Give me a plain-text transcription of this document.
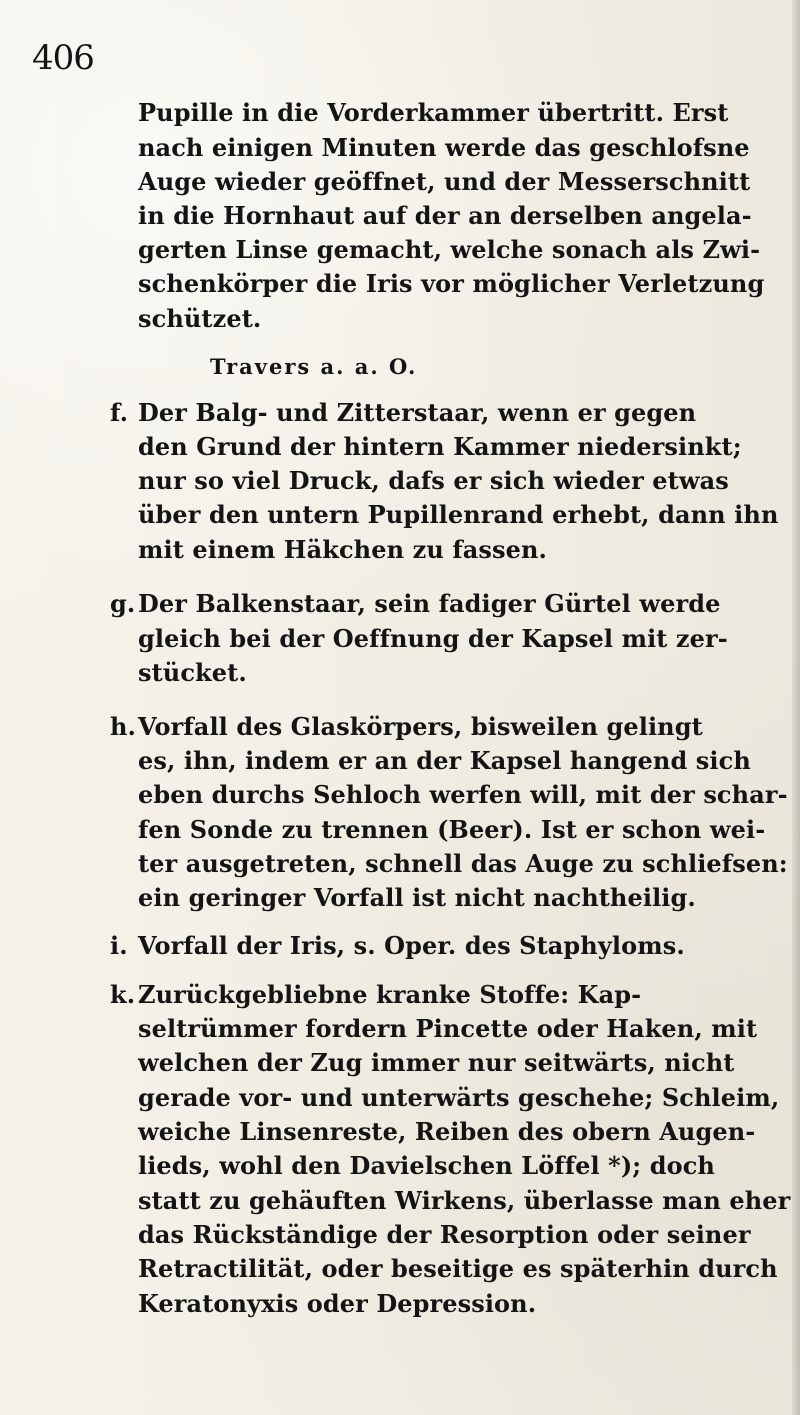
406
Pupille in die Vorderkammer übertritt. Erst
nach einigen Minuten werde das geschlofsne
Auge wieder geöffnet, und der Messerschnitt
in die Hornhaut auf der an derselben angela-
gerten Linse gemacht, welche sonach als Zwi-
schenkörper die Iris vor möglicher Verletzung
schützet.
Travers a. a. O.
f. Der Balg- und Zitterstaar, wenn er gegen
den Grund der hintern Kammer niedersinkt;
nur so viel Druck, dafs er sich wieder etwas
über den untern Pupillenrand erhebt, dann ihn
mit einem Häkchen zu fassen.
g. Der Balkenstaar, sein fadiger Gürtel werde
gleich bei der Oeffnung der Kapsel mit zer-
stücket.
h.Vorfall des Glaskörpers, bisweilen gelingt
es, ihn, indem er an der Kapsel hangend sich
eben durchs Sehloch werfen will, mit der schar-
fen Sonde zu trennen (Beer). Ist er schon wei-
ter ausgetreten, schnell das Auge zu schliefsen:
ein geringer Vorfall ist nicht nachtheilig.
i. Vorfall der Iris, s. Oper. des Staphyloms.
k. Zurückgebliebne kranke Stoffe: Kap-
seltrümmer fordern Pincette oder Haken, mit
welchen der Zug immer nur seitwärts, nicht
gerade vor- und unterwärts geschehe; Schleim,
weiche Linsenreste, Reiben des obern Augen-
lieds, wohl den Davielschen Löffel *); doch
statt zu gehäuften Wirkens, überlasse man eher
das Rückständige der Resorption oder seiner
Retractilität, oder beseitige es späterhin durch
Keratonyxis oder Depression.
